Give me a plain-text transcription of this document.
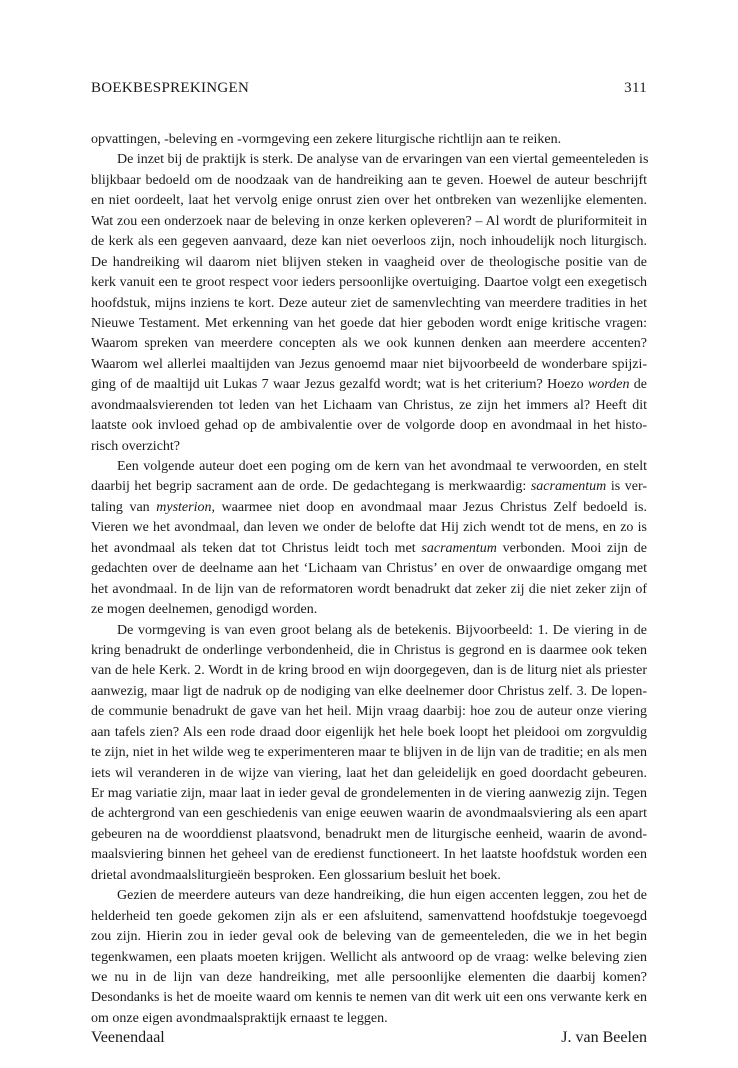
BOEKBESPREKINGEN	311
opvattingen, -beleving en -vormgeving een zekere liturgische richtlijn aan te reiken.
De inzet bij de praktijk is sterk. De analyse van de ervaringen van een viertal gemeenteleden is
blijkbaar bedoeld om de noodzaak van de handreiking aan te geven. Hoewel de auteur beschrijft
en niet oordeelt, laat het vervolg enige onrust zien over het ontbreken van wezenlijke elementen.
Wat zou een onderzoek naar de beleving in onze kerken opleveren? – Al wordt de pluriformiteit in
de kerk als een gegeven aanvaard, deze kan niet oeverloos zijn, noch inhoudelijk noch liturgisch.
De handreiking wil daarom niet blijven steken in vaagheid over de theologische positie van de
kerk vanuit een te groot respect voor ieders persoonlijke overtuiging. Daartoe volgt een exegetisch
hoofdstuk, mijns inziens te kort. Deze auteur ziet de samenvlechting van meerdere tradities in het
Nieuwe Testament. Met erkenning van het goede dat hier geboden wordt enige kritische vragen:
Waarom spreken van meerdere concepten als we ook kunnen denken aan meerdere accenten?
Waarom wel allerlei maaltijden van Jezus genoemd maar niet bijvoorbeeld de wonderbare spijzi-
ging of de maaltijd uit Lukas 7 waar Jezus gezalfd wordt; wat is het criterium? Hoezo worden de
avondmaalsvierenden tot leden van het Lichaam van Christus, ze zijn het immers al? Heeft dit
laatste ook invloed gehad op de ambivalentie over de volgorde doop en avondmaal in het histo-
risch overzicht?
Een volgende auteur doet een poging om de kern van het avondmaal te verwoorden, en stelt
daarbij het begrip sacrament aan de orde. De gedachtegang is merkwaardig: sacramentum is ver-
taling van mysterion, waarmee niet doop en avondmaal maar Jezus Christus Zelf bedoeld is.
Vieren we het avondmaal, dan leven we onder de belofte dat Hij zich wendt tot de mens, en zo is
het avondmaal als teken dat tot Christus leidt toch met sacramentum verbonden. Mooi zijn de
gedachten over de deelname aan het ‘Lichaam van Christus’ en over de onwaardige omgang met
het avondmaal. In de lijn van de reformatoren wordt benadrukt dat zeker zij die niet zeker zijn of
ze mogen deelnemen, genodigd worden.
De vormgeving is van even groot belang als de betekenis. Bijvoorbeeld: 1. De viering in de
kring benadrukt de onderlinge verbondenheid, die in Christus is gegrond en is daarmee ook teken
van de hele Kerk. 2. Wordt in de kring brood en wijn doorgegeven, dan is de liturg niet als priester
aanwezig, maar ligt de nadruk op de nodiging van elke deelnemer door Christus zelf. 3. De lopen-
de communie benadrukt de gave van het heil. Mijn vraag daarbij: hoe zou de auteur onze viering
aan tafels zien? Als een rode draad door eigenlijk het hele boek loopt het pleidooi om zorgvuldig
te zijn, niet in het wilde weg te experimenteren maar te blijven in de lijn van de traditie; en als men
iets wil veranderen in de wijze van viering, laat het dan geleidelijk en goed doordacht gebeuren.
Er mag variatie zijn, maar laat in ieder geval de grondelementen in de viering aanwezig zijn. Tegen
de achtergrond van een geschiedenis van enige eeuwen waarin de avondmaalsviering als een apart
gebeuren na de woorddienst plaatsvond, benadrukt men de liturgische eenheid, waarin de avond-
maalsviering binnen het geheel van de eredienst functioneert. In het laatste hoofdstuk worden een
drietal avondmaalsliturgieën besproken. Een glossarium besluit het boek.
Gezien de meerdere auteurs van deze handreiking, die hun eigen accenten leggen, zou het de
helderheid ten goede gekomen zijn als er een afsluitend, samenvattend hoofdstukje toegevoegd
zou zijn. Hierin zou in ieder geval ook de beleving van de gemeenteleden, die we in het begin
tegenkwamen, een plaats moeten krijgen. Wellicht als antwoord op de vraag: welke beleving zien
we nu in de lijn van deze handreiking, met alle persoonlijke elementen die daarbij komen?
Desondanks is het de moeite waard om kennis te nemen van dit werk uit een ons verwante kerk en
om onze eigen avondmaalspraktijk ernaast te leggen.
Veenendaal	J. van Beelen
